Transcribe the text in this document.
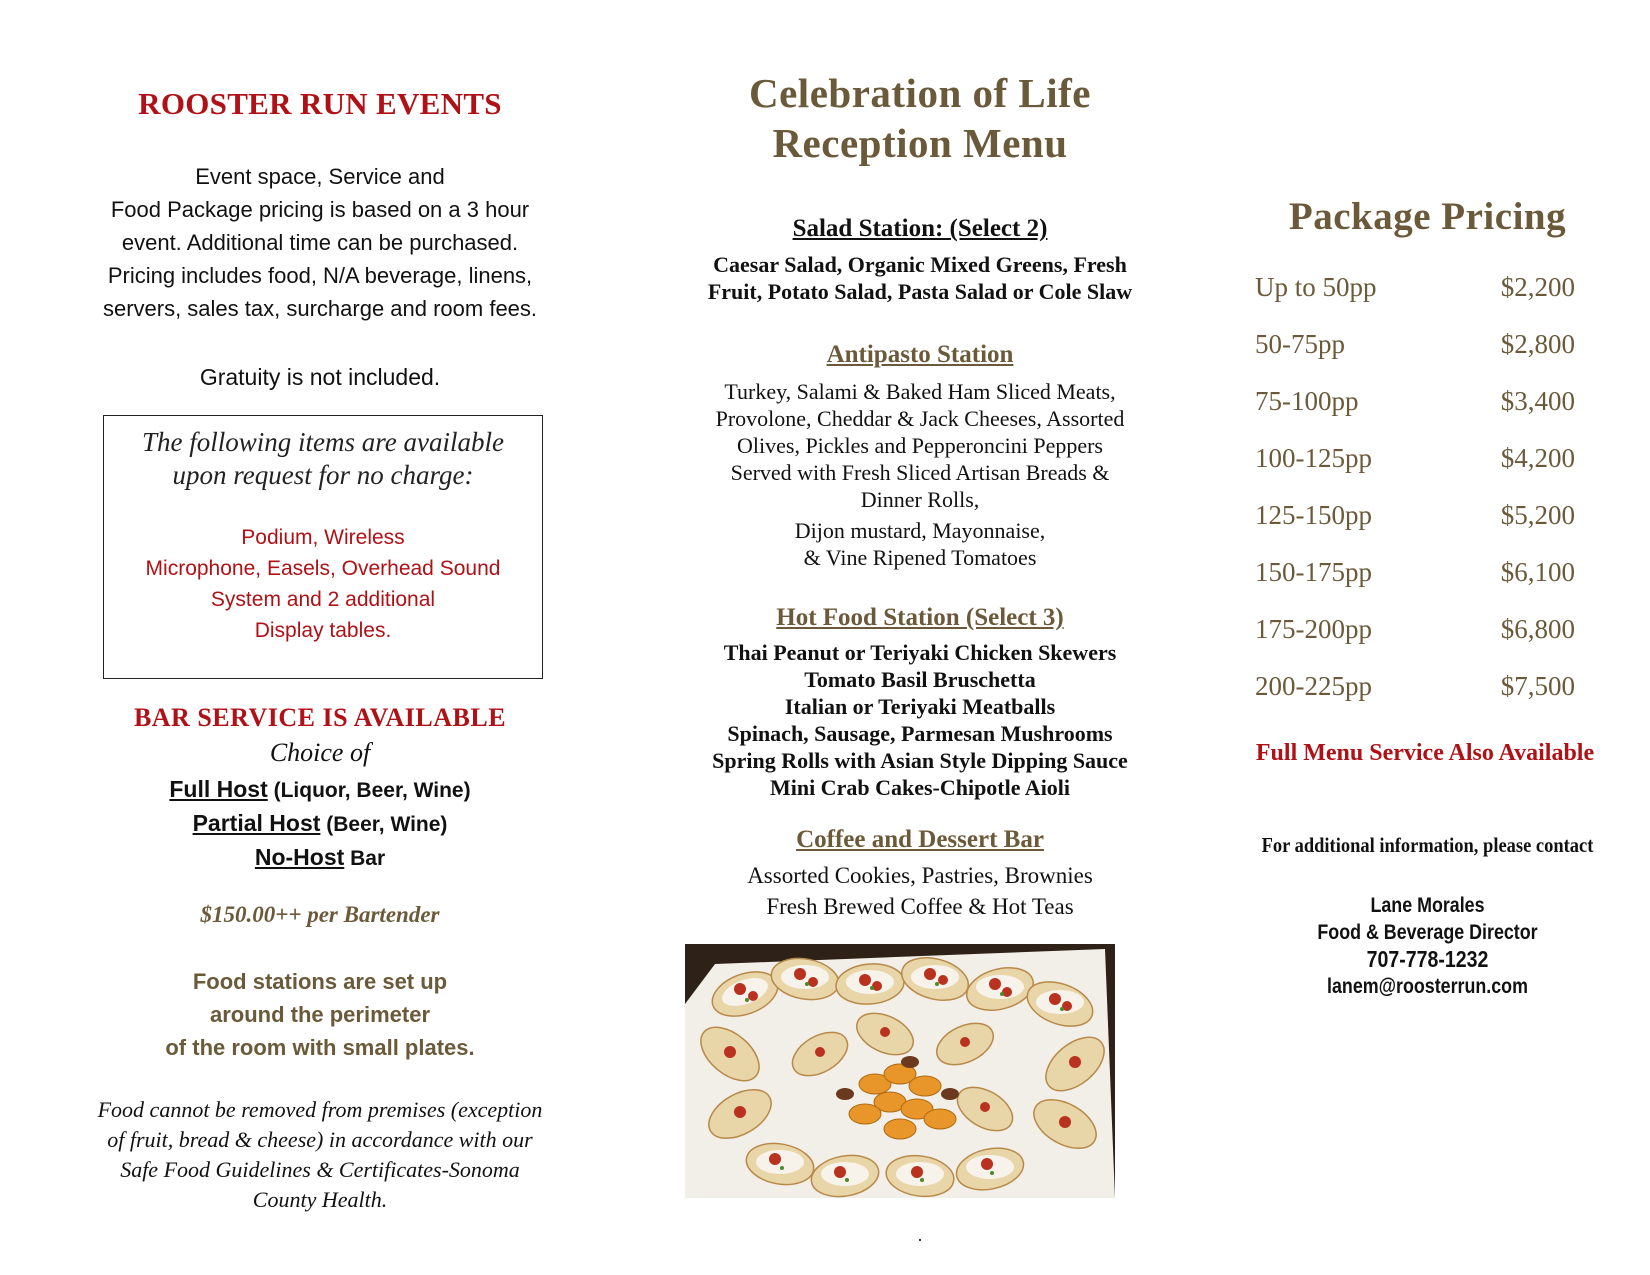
ROOSTER RUN EVENTS
Event space, Service and
Food Package pricing is based on a 3 hour
event. Additional time can be purchased.
Pricing includes food, N/A beverage, linens,
servers, sales tax, surcharge and room fees.
Gratuity is not included.
The following items are available
upon request for no charge:
Podium, Wireless
Microphone, Easels, Overhead Sound
System and 2 additional
Display tables.
BAR SERVICE IS AVAILABLE
Choice of
Full Host (Liquor, Beer, Wine)
Partial Host (Beer, Wine)
No-Host Bar
$150.00++ per Bartender
Food stations are set up
around the perimeter
of the room with small plates.
Food cannot be removed from premises (exception
of fruit, bread & cheese) in accordance with our
Safe Food Guidelines & Certificates-Sonoma
County Health.
Celebration of Life
Reception Menu
Salad Station: (Select 2)
Caesar Salad, Organic Mixed Greens, Fresh
Fruit, Potato Salad, Pasta Salad or Cole Slaw
Antipasto Station
Turkey, Salami & Baked Ham Sliced Meats,
Provolone, Cheddar & Jack Cheeses, Assorted
Olives, Pickles and Pepperoncini Peppers
Served with Fresh Sliced Artisan Breads &
Dinner Rolls,
Dijon mustard, Mayonnaise,
& Vine Ripened Tomatoes
Hot Food Station (Select 3)
Thai Peanut or Teriyaki Chicken Skewers
Tomato Basil Bruschetta
Italian or Teriyaki Meatballs
Spinach, Sausage, Parmesan Mushrooms
Spring Rolls with Asian Style Dipping Sauce
Mini Crab Cakes-Chipotle Aioli
Coffee and Dessert Bar
Assorted Cookies, Pastries, Brownies
Fresh Brewed Coffee & Hot Teas
.
Package Pricing
Up to 50pp	$2,200
50-75pp	$2,800
75-100pp	$3,400
100-125pp	$4,200
125-150pp	$5,200
150-175pp	$6,100
175-200pp	$6,800
200-225pp	$7,500
Full Menu Service Also Available
For additional information, please contact
Lane Morales
Food & Beverage Director
707-778-1232
lanem@roosterrun.com
